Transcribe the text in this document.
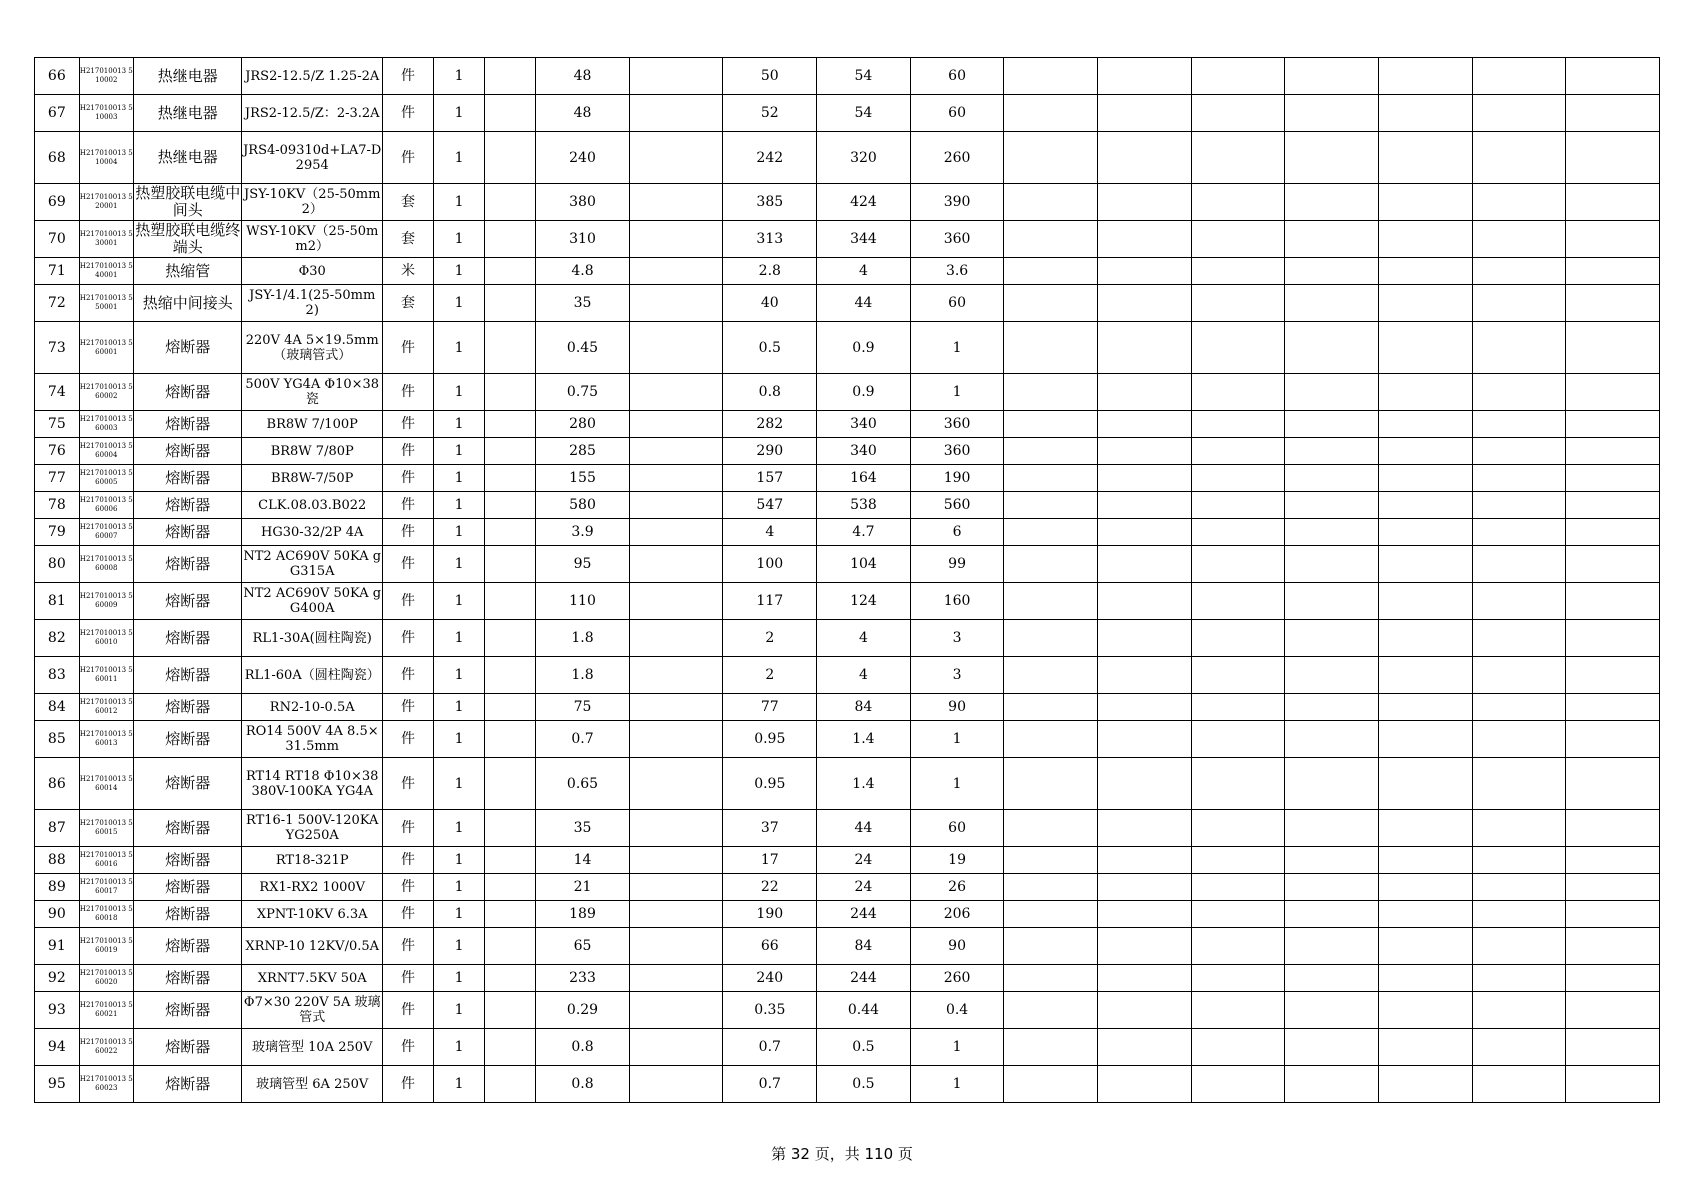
66	H217010013 510002	热继电器	JRS2-12.5/Z 1.25-2A	件	1		48		50	54	60							
67	H217010013 510003	热继电器	JRS2-12.5/Z：2-3.2A	件	1		48		52	54	60							
68	H217010013 510004	热继电器	JRS4-09310d+LA7-D2954	件	1		240		242	320	260							
69	H217010013 520001	热塑胶联电缆中间头	JSY-10KV（25-50mm2）	套	1		380		385	424	390							
70	H217010013 530001	热塑胶联电缆终端头	WSY-10KV（25-50mm2）	套	1		310		313	344	360							
71	H217010013 540001	热缩管	Φ30	米	1		4.8		2.8	4	3.6							
72	H217010013 550001	热缩中间接头	JSY-1/4.1(25-50mm2)	套	1		35		40	44	60							
73	H217010013 560001	熔断器	220V 4A 5×19.5mm（玻璃管式）	件	1		0.45		0.5	0.9	1							
74	H217010013 560002	熔断器	500V YG4A Φ10×38 瓷	件	1		0.75		0.8	0.9	1							
75	H217010013 560003	熔断器	BR8W 7/100P	件	1		280		282	340	360							
76	H217010013 560004	熔断器	BR8W 7/80P	件	1		285		290	340	360							
77	H217010013 560005	熔断器	BR8W-7/50P	件	1		155		157	164	190							
78	H217010013 560006	熔断器	CLK.08.03.B022	件	1		580		547	538	560							
79	H217010013 560007	熔断器	HG30-32/2P 4A	件	1		3.9		4	4.7	6							
80	H217010013 560008	熔断器	NT2 AC690V 50KA gG315A	件	1		95		100	104	99							
81	H217010013 560009	熔断器	NT2 AC690V 50KA gG400A	件	1		110		117	124	160							
82	H217010013 560010	熔断器	RL1-30A(圆柱陶瓷)	件	1		1.8		2	4	3							
83	H217010013 560011	熔断器	RL1-60A（圆柱陶瓷）	件	1		1.8		2	4	3							
84	H217010013 560012	熔断器	RN2-10-0.5A	件	1		75		77	84	90							
85	H217010013 560013	熔断器	RO14 500V 4A 8.5×31.5mm	件	1		0.7		0.95	1.4	1							
86	H217010013 560014	熔断器	RT14 RT18 Φ10×38 380V-100KA YG4A	件	1		0.65		0.95	1.4	1							
87	H217010013 560015	熔断器	RT16-1 500V-120KA YG250A	件	1		35		37	44	60							
88	H217010013 560016	熔断器	RT18-321P	件	1		14		17	24	19							
89	H217010013 560017	熔断器	RX1-RX2 1000V	件	1		21		22	24	26							
90	H217010013 560018	熔断器	XPNT-10KV 6.3A	件	1		189		190	244	206							
91	H217010013 560019	熔断器	XRNP-10 12KV/0.5A	件	1		65		66	84	90							
92	H217010013 560020	熔断器	XRNT7.5KV 50A	件	1		233		240	244	260							
93	H217010013 560021	熔断器	Φ7×30 220V 5A 玻璃管式	件	1		0.29		0.35	0.44	0.4							
94	H217010013 560022	熔断器	玻璃管型 10A 250V	件	1		0.8		0.7	0.5	1							
95	H217010013 560023	熔断器	玻璃管型 6A 250V	件	1		0.8		0.7	0.5	1							
第 32 页，共 110 页
